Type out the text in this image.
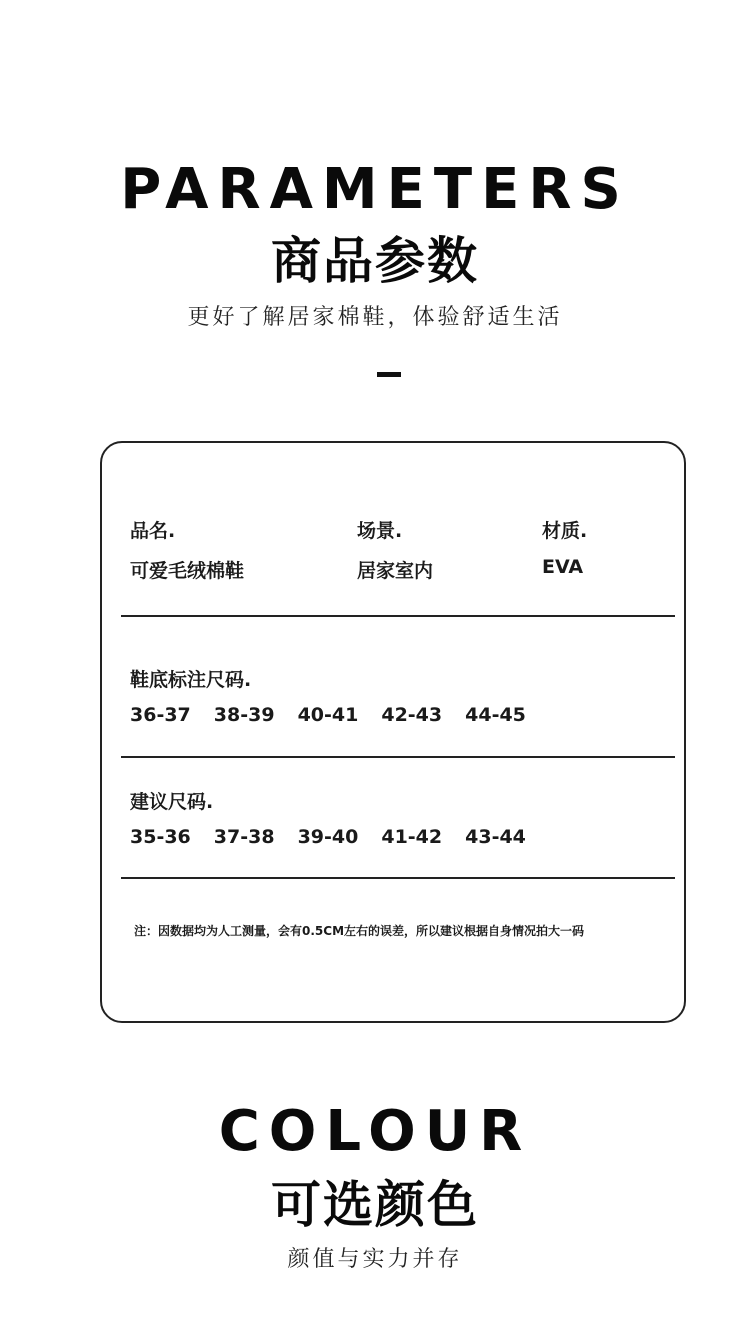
PARAMETERS
商品参数
更好了解居家棉鞋，体验舒适生活
品名.
可爱毛绒棉鞋
场景.
居家室内
材质.
EVA
鞋底标注尺码.
36-37 38-39 40-41 42-43 44-45
建议尺码.
35-36 37-38 39-40 41-42 43-44
注：因数据均为人工测量，会有0.5CM左右的误差，所以建议根据自身情况拍大一码
COLOUR
可选颜色
颜值与实力并存
